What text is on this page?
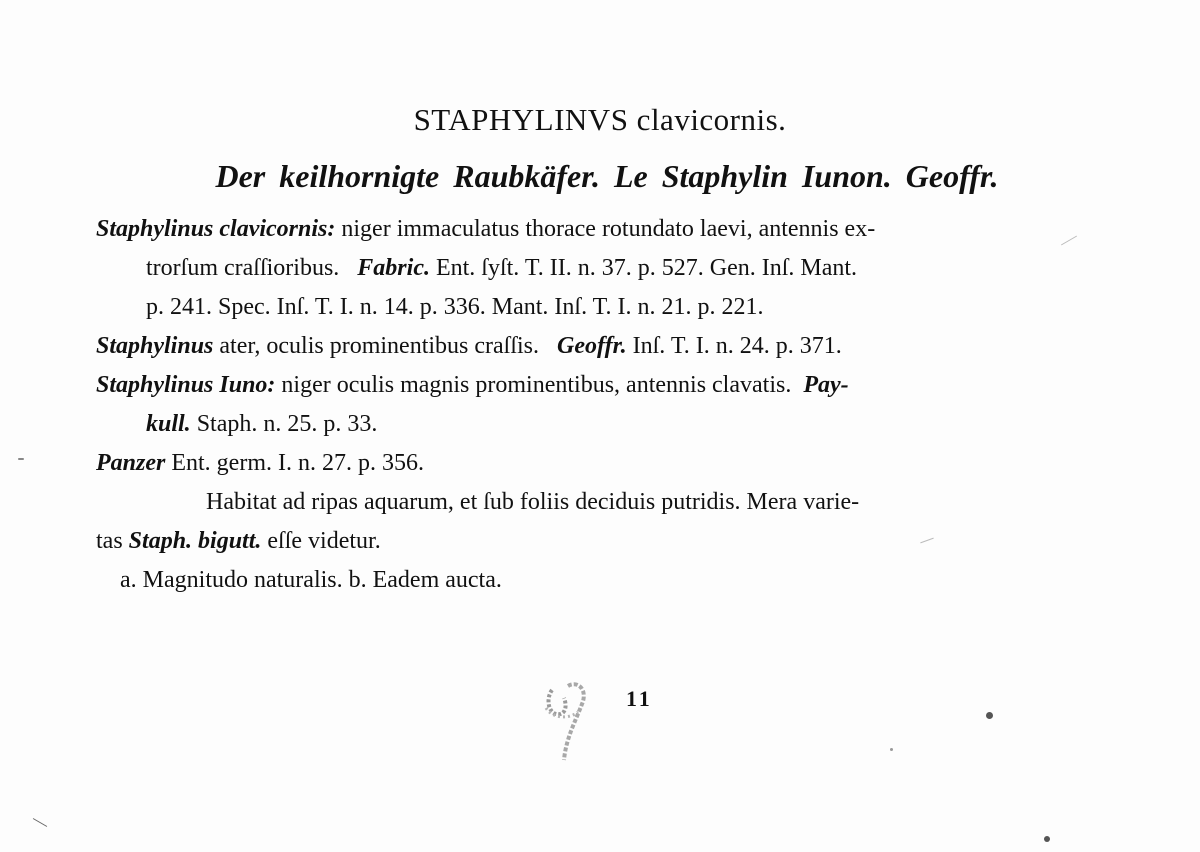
STAPHYLINVS clavicornis.
Der keilhornigte Raubkäfer. Le Staphylin Iunon. Geoffr.
Staphylinus clavicornis: niger immaculatus thorace rotundato laevi, antennis ex-
trorſum craſſioribus. Fabric. Ent. ſyſt. T. II. n. 37. p. 527. Gen. Inſ. Mant.
p. 241. Spec. Inſ. T. I. n. 14. p. 336. Mant. Inſ. T. I. n. 21. p. 221.
Staphylinus ater, oculis prominentibus craſſis. Geoffr. Inſ. T. I. n. 24. p. 371.
Staphylinus Iuno: niger oculis magnis prominentibus, antennis clavatis. Pay-
kull. Staph. n. 25. p. 33.
Panzer Ent. germ. I. n. 27. p. 356.
Habitat ad ripas aquarum, et ſub foliis deciduis putridis. Mera varie-
tas Staph. bigutt. eſſe videtur.
a. Magnitudo naturalis. b. Eadem aucta.
11
